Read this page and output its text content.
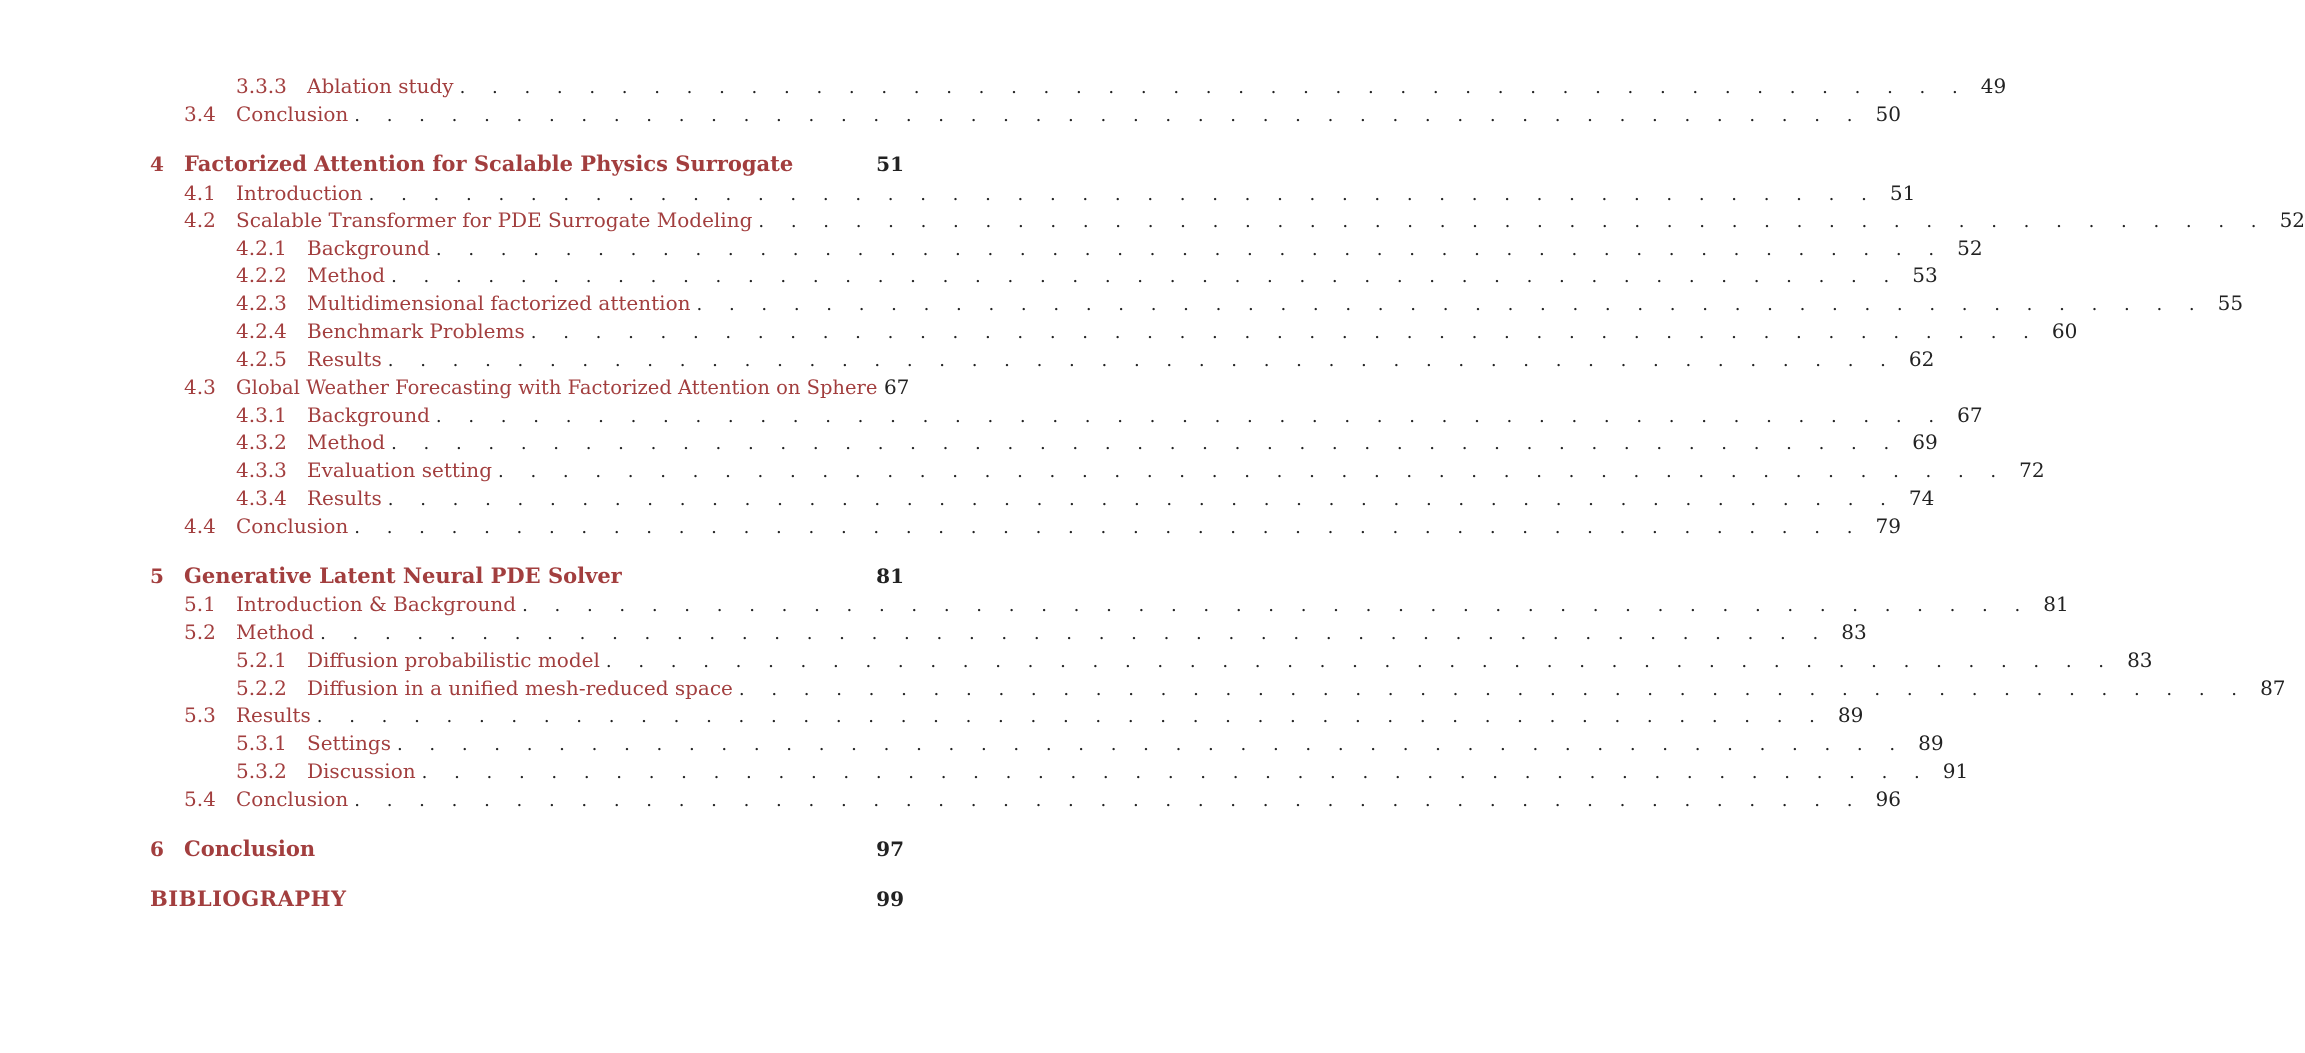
3.3.3	Ablation study . . . . . . . . . . . . . . . . . . . . . . . . . . . . . . . . . . . . . . . . . . . . . . . 49
3.4	Conclusion . . . . . . . . . . . . . . . . . . . . . . . . . . . . . . . . . . . . . . . . . . . . . . . 50
4 Factorized Attention for Scalable Physics Surrogate	51
4.1	Introduction . . . . . . . . . . . . . . . . . . . . . . . . . . . . . . . . . . . . . . . . . . . . . . . 51
4.2	Scalable Transformer for PDE Surrogate Modeling . . . . . . . . . . . . . . . . . . . . . . . . . . . . . . . . . . . . . . . . . . . . . . . 52
4.2.1	Background . . . . . . . . . . . . . . . . . . . . . . . . . . . . . . . . . . . . . . . . . . . . . . . 52
4.2.2	Method . . . . . . . . . . . . . . . . . . . . . . . . . . . . . . . . . . . . . . . . . . . . . . . 53
4.2.3	Multidimensional factorized attention . . . . . . . . . . . . . . . . . . . . . . . . . . . . . . . . . . . . . . . . . . . . . . . 55
4.2.4	Benchmark Problems . . . . . . . . . . . . . . . . . . . . . . . . . . . . . . . . . . . . . . . . . . . . . . . 60
4.2.5	Results . . . . . . . . . . . . . . . . . . . . . . . . . . . . . . . . . . . . . . . . . . . . . . . 62
4.3	Global Weather Forecasting with Factorized Attention on Sphere 67
4.3.1	Background . . . . . . . . . . . . . . . . . . . . . . . . . . . . . . . . . . . . . . . . . . . . . . . 67
4.3.2	Method . . . . . . . . . . . . . . . . . . . . . . . . . . . . . . . . . . . . . . . . . . . . . . . 69
4.3.3	Evaluation setting . . . . . . . . . . . . . . . . . . . . . . . . . . . . . . . . . . . . . . . . . . . . . . . 72
4.3.4	Results . . . . . . . . . . . . . . . . . . . . . . . . . . . . . . . . . . . . . . . . . . . . . . . 74
4.4	Conclusion . . . . . . . . . . . . . . . . . . . . . . . . . . . . . . . . . . . . . . . . . . . . . . . 79
5 Generative Latent Neural PDE Solver	81
5.1	Introduction & Background . . . . . . . . . . . . . . . . . . . . . . . . . . . . . . . . . . . . . . . . . . . . . . . 81
5.2	Method . . . . . . . . . . . . . . . . . . . . . . . . . . . . . . . . . . . . . . . . . . . . . . . 83
5.2.1	Diffusion probabilistic model . . . . . . . . . . . . . . . . . . . . . . . . . . . . . . . . . . . . . . . . . . . . . . . 83
5.2.2	Diffusion in a unified mesh-reduced space . . . . . . . . . . . . . . . . . . . . . . . . . . . . . . . . . . . . . . . . . . . . . . . 87
5.3	Results . . . . . . . . . . . . . . . . . . . . . . . . . . . . . . . . . . . . . . . . . . . . . . . 89
5.3.1	Settings . . . . . . . . . . . . . . . . . . . . . . . . . . . . . . . . . . . . . . . . . . . . . . . 89
5.3.2	Discussion . . . . . . . . . . . . . . . . . . . . . . . . . . . . . . . . . . . . . . . . . . . . . . . 91
5.4	Conclusion . . . . . . . . . . . . . . . . . . . . . . . . . . . . . . . . . . . . . . . . . . . . . . . 96
6 Conclusion	97
BIBLIOGRAPHY	99
